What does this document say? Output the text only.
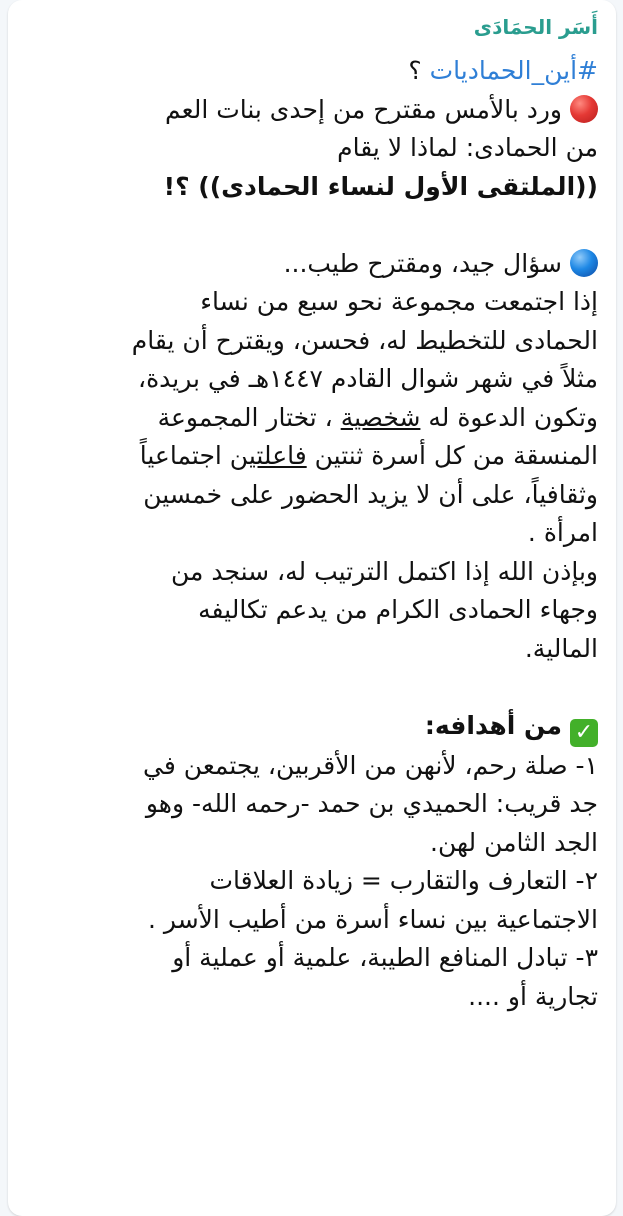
أَسَر الحمَادَى
#أين_الحماديات ؟
ورد بالأمس مقترح من إحدى بنات العم
من الحمادى: لماذا لا يقام
((الملتقى الأول لنساء الحمادى)) ؟!
سؤال جيد، ومقترح طيب...
إذا اجتمعت مجموعة نحو سبع من نساء
الحمادى للتخطيط له، فحسن، ويقترح أن يقام
مثلاً في شهر شوال القادم ١٤٤٧هـ في بريدة،
وتكون الدعوة له شخصية ، تختار المجموعة
المنسقة من كل أسرة ثنتين فاعلتين اجتماعياً
وثقافياً، على أن لا يزيد الحضور على خمسين
امرأة .
وبإذن الله إذا اكتمل الترتيب له، سنجد من
وجهاء الحمادى الكرام من يدعم تكاليفه
المالية.
✓من أهدافه:
١- صلة رحم، لأنهن من الأقربين، يجتمعن في
جد قريب: الحميدي بن حمد -رحمه الله- وهو
الجد الثامن لهن.
٢- التعارف والتقارب = زيادة العلاقات
الاجتماعية بين نساء أسرة من أطيب الأسر .
٣- تبادل المنافع الطيبة، علمية أو عملية أو
تجارية أو ....
